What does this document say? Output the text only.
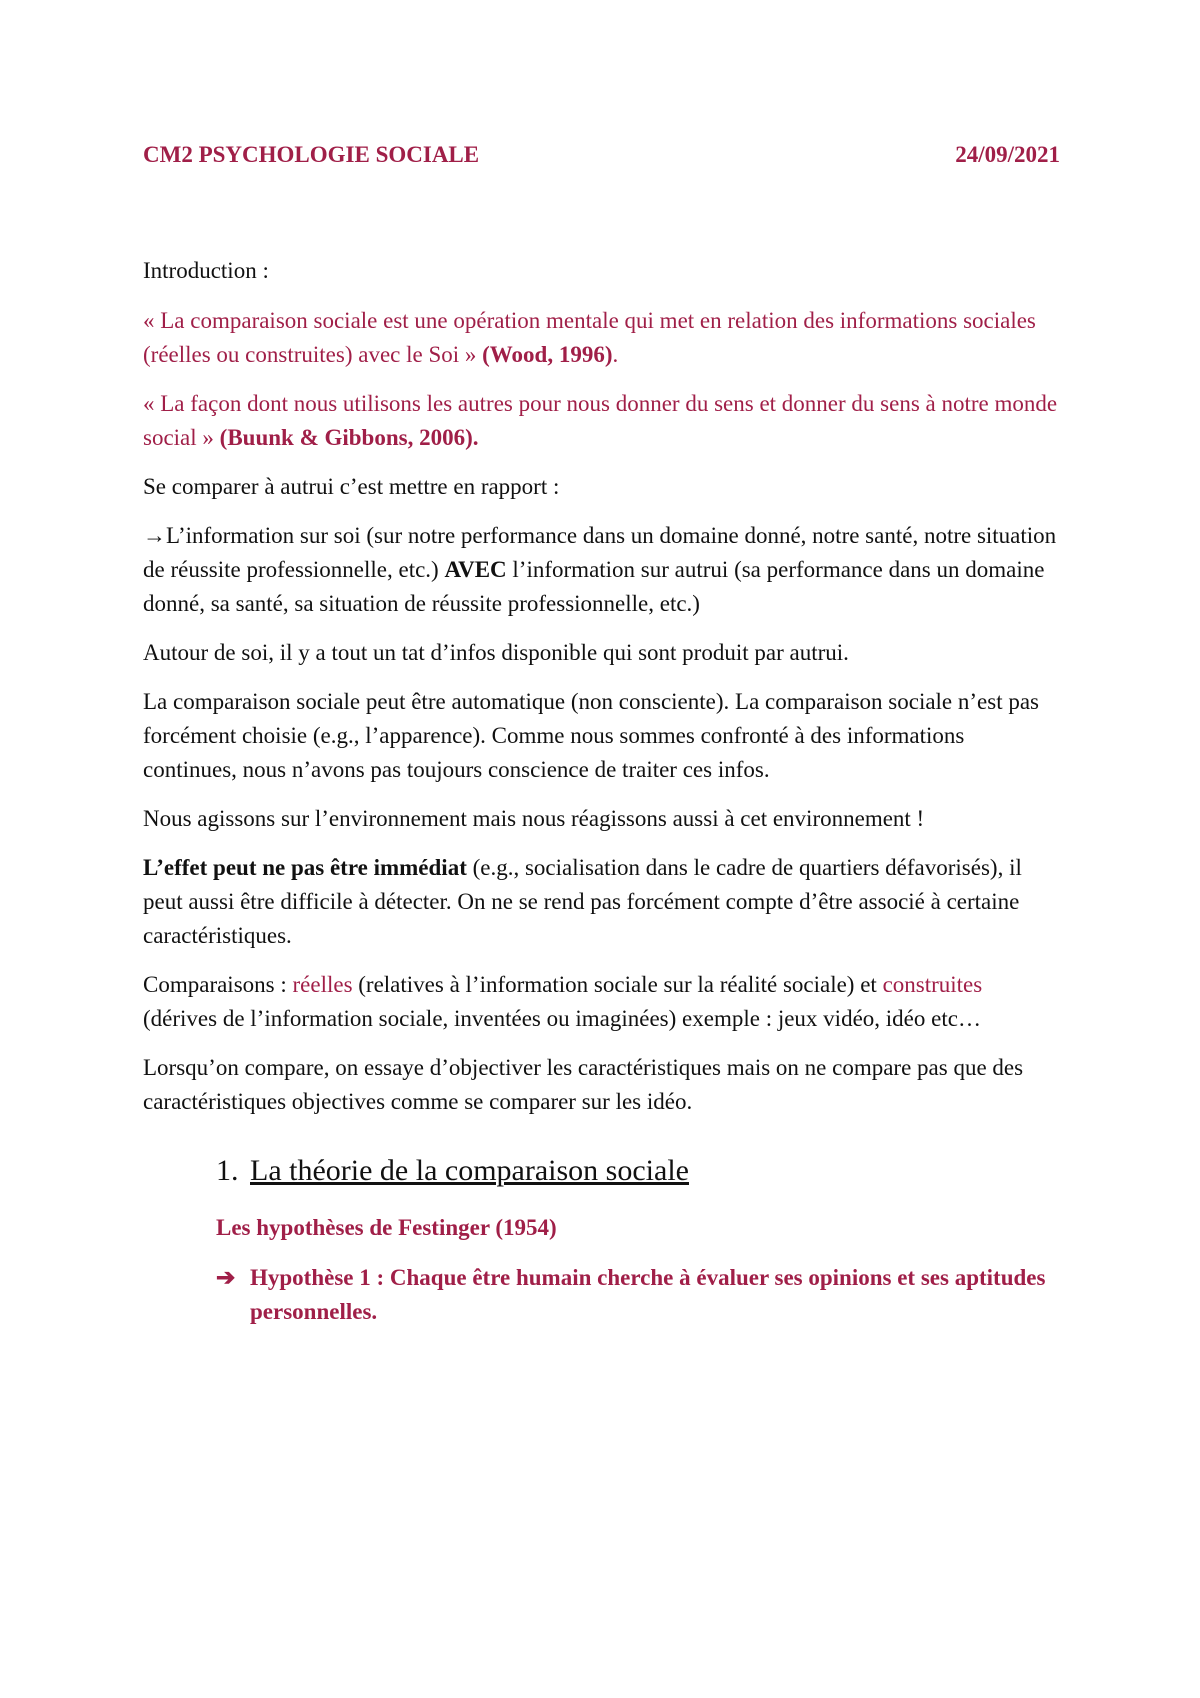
CM2 PSYCHOLOGIE SOCIALE	24/09/2021

Introduction :

« La comparaison sociale est une opération mentale qui met en relation des informations sociales (réelles ou construites) avec le Soi » (Wood, 1996).

« La façon dont nous utilisons les autres pour nous donner du sens et donner du sens à notre monde social » (Buunk & Gibbons, 2006).

Se comparer à autrui c’est mettre en rapport :

→L’information sur soi (sur notre performance dans un domaine donné, notre santé, notre situation de réussite professionnelle, etc.) AVEC l’information sur autrui (sa performance dans un domaine donné, sa santé, sa situation de réussite professionnelle, etc.)

Autour de soi, il y a tout un tat d’infos disponible qui sont produit par autrui.

La comparaison sociale peut être automatique (non consciente). La comparaison sociale n’est pas forcément choisie (e.g., l’apparence). Comme nous sommes confronté à des informations continues, nous n’avons pas toujours conscience de traiter ces infos.

Nous agissons sur l’environnement mais nous réagissons aussi à cet environnement !

L’effet peut ne pas être immédiat (e.g., socialisation dans le cadre de quartiers défavorisés), il peut aussi être difficile à détecter. On ne se rend pas forcément compte d’être associé à certaine caractéristiques.

Comparaisons : réelles (relatives à l’information sociale sur la réalité sociale) et construites (dérives de l’information sociale, inventées ou imaginées) exemple : jeux vidéo, idéo etc…

Lorsqu’on compare, on essaye d’objectiver les caractéristiques mais on ne compare pas que des caractéristiques objectives comme se comparer sur les idéo.

1. La théorie de la comparaison sociale
Les hypothèses de Festinger (1954)
➔ Hypothèse 1 : Chaque être humain cherche à évaluer ses opinions et ses aptitudes personnelles.
